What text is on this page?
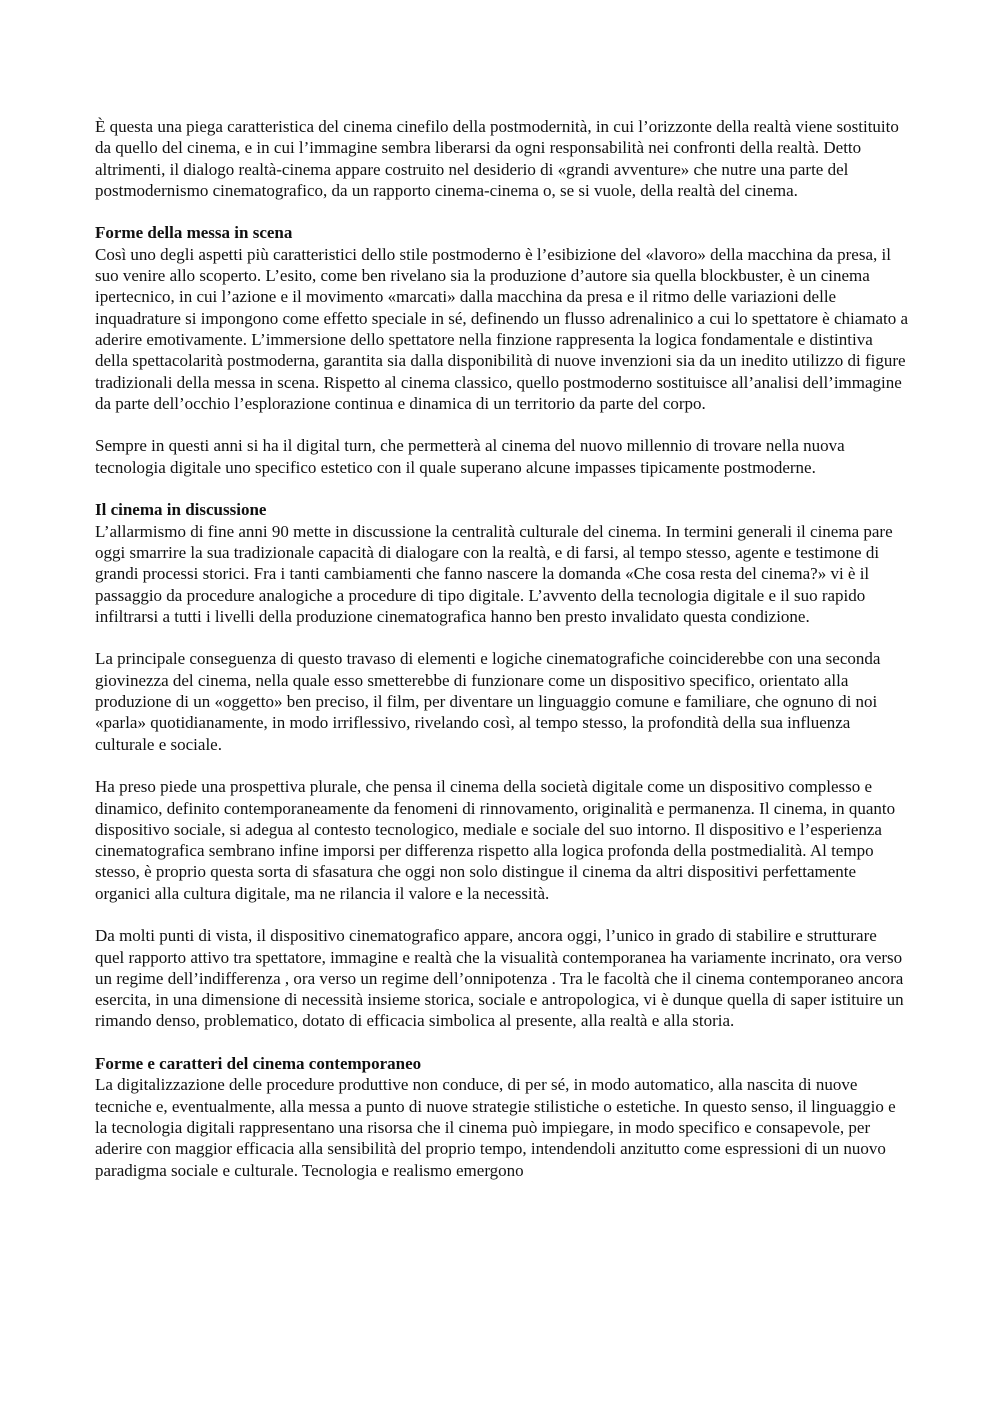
È questa una piega caratteristica del cinema cinefilo della postmodernità, in cui l’orizzonte della realtà viene sostituito da quello del cinema, e in cui l’immagine sembra liberarsi da ogni responsabilità nei confronti della realtà. Detto altrimenti, il dialogo realtà-cinema appare costruito nel desiderio di «grandi avventure» che nutre una parte del postmodernismo cinematografico, da un rapporto cinema-cinema o, se si vuole, della realtà del cinema.

Forme della messa in scena

Così uno degli aspetti più caratteristici dello stile postmoderno è l’esibizione del «lavoro» della macchina da presa, il suo venire allo scoperto. L’esito, come ben rivelano sia la produzione d’autore sia quella blockbuster, è un cinema ipertecnico, in cui l’azione e il movimento «marcati» dalla macchina da presa e il ritmo delle variazioni delle inquadrature si impongono come effetto speciale in sé, definendo un flusso adrenalinico a cui lo spettatore è chiamato a aderire emotivamente. L’immersione dello spettatore nella finzione rappresenta la logica fondamentale e distintiva della spettacolarità postmoderna, garantita sia dalla disponibilità di nuove invenzioni sia da un inedito utilizzo di figure tradizionali della messa in scena. Rispetto al cinema classico, quello postmoderno sostituisce all’analisi dell’immagine da parte dell’occhio l’esplorazione continua e dinamica di un territorio da parte del corpo.

Sempre in questi anni si ha il digital turn, che permetterà al cinema del nuovo millennio di trovare nella nuova tecnologia digitale uno specifico estetico con il quale superano alcune impasses tipicamente postmoderne.

Il cinema in discussione

L’allarmismo di fine anni 90 mette in discussione la centralità culturale del cinema. In termini generali il cinema pare oggi smarrire la sua tradizionale capacità di dialogare con la realtà, e di farsi, al tempo stesso, agente e testimone di grandi processi storici. Fra i tanti cambiamenti che fanno nascere la domanda «Che cosa resta del cinema?» vi è il passaggio da procedure analogiche a procedure di tipo digitale. L’avvento della tecnologia digitale e il suo rapido infiltrarsi a tutti i livelli della produzione cinematografica hanno ben presto invalidato questa condizione.

La principale conseguenza di questo travaso di elementi e logiche cinematografiche coinciderebbe con una seconda giovinezza del cinema, nella quale esso smetterebbe di funzionare come un dispositivo specifico, orientato alla produzione di un «oggetto» ben preciso, il film, per diventare un linguaggio comune e familiare, che ognuno di noi «parla» quotidianamente, in modo irriflessivo, rivelando così, al tempo stesso, la profondità della sua influenza culturale e sociale.

Ha preso piede una prospettiva plurale, che pensa il cinema della società digitale come un dispositivo complesso e dinamico, definito contemporaneamente da fenomeni di rinnovamento, originalità e permanenza. Il cinema, in quanto dispositivo sociale, si adegua al contesto tecnologico, mediale e sociale del suo intorno. Il dispositivo e l’esperienza cinematografica sembrano infine imporsi per differenza rispetto alla logica profonda della postmedialità. Al tempo stesso, è proprio questa sorta di sfasatura che oggi non solo distingue il cinema da altri dispositivi perfettamente organici alla cultura digitale, ma ne rilancia il valore e la necessità.

Da molti punti di vista, il dispositivo cinematografico appare, ancora oggi, l’unico in grado di stabilire e strutturare quel rapporto attivo tra spettatore, immagine e realtà che la visualità contemporanea ha variamente incrinato, ora verso un regime dell’indifferenza , ora verso un regime dell’onnipotenza . Tra le facoltà che il cinema contemporaneo ancora esercita, in una dimensione di necessità insieme storica, sociale e antropologica, vi è dunque quella di saper istituire un rimando denso, problematico, dotato di efficacia simbolica al presente, alla realtà e alla storia.

Forme e caratteri del cinema contemporaneo

La digitalizzazione delle procedure produttive non conduce, di per sé, in modo automatico, alla nascita di nuove tecniche e, eventualmente, alla messa a punto di nuove strategie stilistiche o estetiche. In questo senso, il linguaggio e la tecnologia digitali rappresentano una risorsa che il cinema può impiegare, in modo specifico e consapevole, per aderire con maggior efficacia alla sensibilità del proprio tempo, intendendoli anzitutto come espressioni di un nuovo paradigma sociale e culturale. Tecnologia e realismo emergono
